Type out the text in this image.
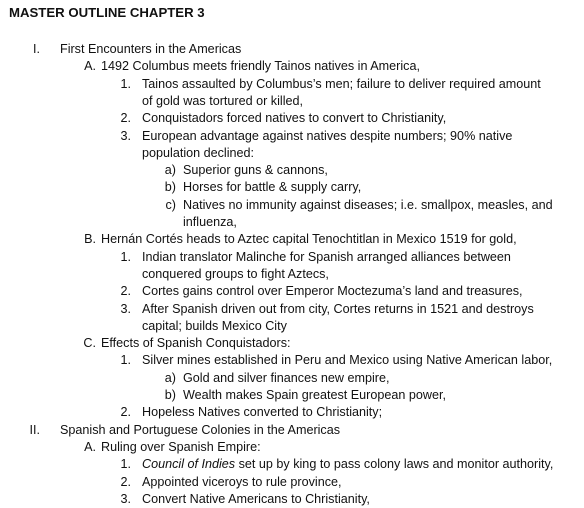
MASTER OUTLINE CHAPTER 3
I. First Encounters in the Americas
A. 1492 Columbus meets friendly Tainos natives in America,
1. Tainos assaulted by Columbus’s men; failure to deliver required amount
of gold was tortured or killed,
2. Conquistadors forced natives to convert to Christianity,
3. European advantage against natives despite numbers; 90% native
population declined:
a) Superior guns & cannons,
b) Horses for battle & supply carry,
c) Natives no immunity against diseases; i.e. smallpox, measles, and
influenza,
B. Hernán Cortés heads to Aztec capital Tenochtitlan in Mexico 1519 for gold,
1. Indian translator Malinche for Spanish arranged alliances between
conquered groups to fight Aztecs,
2. Cortes gains control over Emperor Moctezuma’s land and treasures,
3. After Spanish driven out from city, Cortes returns in 1521 and destroys
capital; builds Mexico City
C. Effects of Spanish Conquistadors:
1. Silver mines established in Peru and Mexico using Native American labor,
a) Gold and silver finances new empire,
b) Wealth makes Spain greatest European power,
2. Hopeless Natives converted to Christianity;
II. Spanish and Portuguese Colonies in the Americas
A. Ruling over Spanish Empire:
1. Council of Indies set up by king to pass colony laws and monitor authority,
2. Appointed viceroys to rule province,
3. Convert Native Americans to Christianity,
